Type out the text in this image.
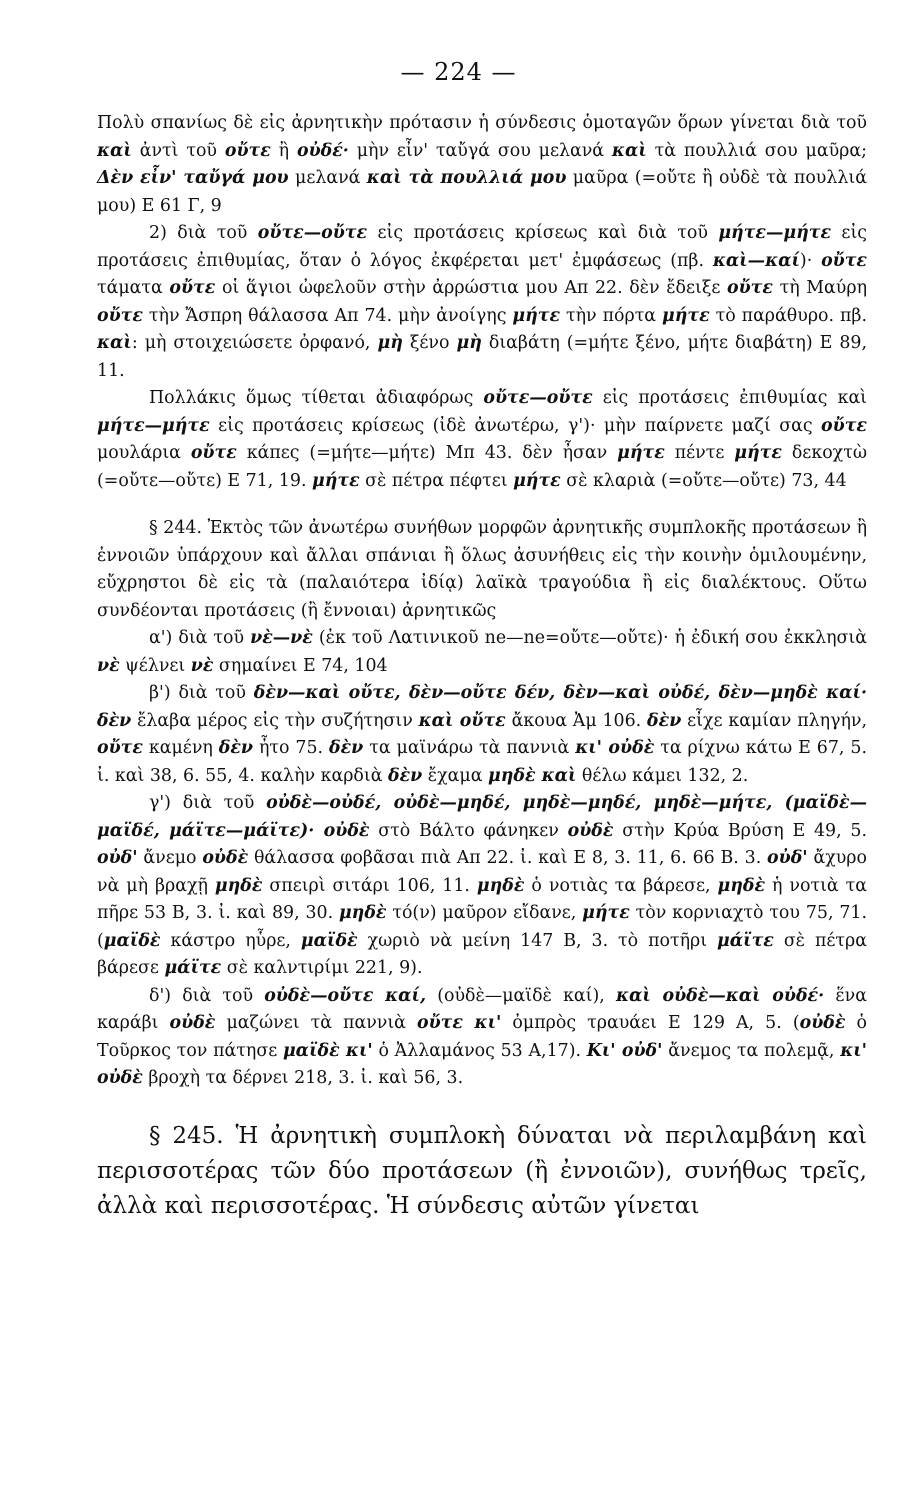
— 224 —

Πολὺ σπανίως δὲ εἰς ἀρνητικὴν πρότασιν ἡ σύνδεσις ὁμοταγῶν ὅρων γίνεται διὰ τοῦ καὶ ἀντὶ τοῦ οὔτε ἢ οὐδέ· μὴν εἶν' ταὔγά σου μελανά καὶ τὰ πουλλιά σου μαῦρα; Δὲν εἶν' ταὔγά μου μελανά καὶ τὰ πουλλιά μου μαῦρα (=οὔτε ἢ οὐδὲ τὰ πουλλιά μου) Ε 61 Γ, 9

2) διὰ τοῦ οὔτε—οὔτε εἰς προτάσεις κρίσεως καὶ διὰ τοῦ μήτε—μήτε εἰς προτάσεις ἐπιθυμίας, ὅταν ὁ λόγος ἐκφέρεται μετ' ἐμφάσεως (πβ. καὶ—καί)· οὔτε τάματα οὔτε οἱ ἅγιοι ὠφελοῦν στὴν ἀρρώστια μου Απ 22. δὲν ἔδειξε οὔτε τὴ Μαύρη οὔτε τὴν Ἄσπρη θάλασσα Απ 74. μὴν ἀνοίγης μήτε τὴν πόρτα μήτε τὸ παράθυρο. πβ. καὶ: μὴ στοιχειώσετε ὀρφανό, μὴ ξένο μὴ διαβάτη (=μήτε ξένο, μήτε διαβάτη) Ε 89, 11.

Πολλάκις ὅμως τίθεται ἀδιαφόρως οὔτε—οὔτε εἰς προτάσεις ἐπιθυμίας καὶ μήτε—μήτε εἰς προτάσεις κρίσεως (ἰδὲ ἀνωτέρω, γ')· μὴν παίρνετε μαζί σας οὔτε μουλάρια οὔτε κάπες (=μήτε—μήτε) Μπ 43. δὲν ἦσαν μήτε πέντε μήτε δεκοχτὼ (=οὔτε—οὔτε) Ε 71, 19. μήτε σὲ πέτρα πέφτει μήτε σὲ κλαριὰ (=οὔτε—οὔτε) 73, 44

§ 244. Ἐκτὸς τῶν ἀνωτέρω συνήθων μορφῶν ἀρνητικῆς συμπλοκῆς προτάσεων ἢ ἐννοιῶν ὑπάρχουν καὶ ἄλλαι σπάνιαι ἢ ὅλως ἀσυνήθεις εἰς τὴν κοινὴν ὁμιλουμένην, εὔχρηστοι δὲ εἰς τὰ (παλαιότερα ἰδίᾳ) λαϊκὰ τραγούδια ἢ εἰς διαλέκτους. Οὕτω συνδέονται προτάσεις (ἢ ἔννοιαι) ἀρνητικῶς

α') διὰ τοῦ νὲ—νὲ (ἐκ τοῦ Λατινικοῦ ne—ne=οὔτε—οὔτε)· ἡ ἐδική σου ἐκκλησιὰ νὲ ψέλνει νὲ σημαίνει Ε 74, 104

β') διὰ τοῦ δὲν—καὶ οὔτε, δὲν—οὔτε δέν, δὲν—καὶ οὐδέ, δὲν—μηδὲ καί· δὲν ἔλαβα μέρος εἰς τὴν συζήτησιν καὶ οὔτε ἄκουα Ἀμ 106. δὲν εἶχε καμίαν πληγήν, οὔτε καμένη δὲν ἦτο 75. δὲν τα μαϊνάρω τὰ παννιὰ κι' οὐδὲ τα ρίχνω κάτω Ε 67, 5. ἰ. καὶ 38, 6. 55, 4. καλὴν καρδιὰ δὲν ἔχαμα μηδὲ καὶ θέλω κάμει 132, 2.

γ') διὰ τοῦ οὐδὲ—οὐδέ, οὐδὲ—μηδέ, μηδὲ—μηδέ, μηδὲ—μήτε, (μαϊδὲ—μαϊδέ, μάϊτε—μάϊτε)· οὐδὲ στὸ Βάλτο φάνηκεν οὐδὲ στὴν Κρύα Βρύση Ε 49, 5. οὐδ' ἄνεμο οὐδὲ θάλασσα φοβᾶσαι πιὰ Απ 22. ἰ. καὶ Ε 8, 3. 11, 6. 66 Β. 3. οὐδ' ἄχυρο νὰ μὴ βραχῇ μηδὲ σπειρὶ σιτάρι 106, 11. μηδὲ ὁ νοτιὰς τα βάρεσε, μηδὲ ἡ νοτιὰ τα πῆρε 53 Β, 3. ἰ. καὶ 89, 30. μηδὲ τό(ν) μαῦρον εἴδανε, μήτε τὸν κορνιαχτὸ του 75, 71. (μαϊδὲ κάστρο ηὗρε, μαϊδὲ χωριὸ νὰ μείνη 147 Β, 3. τὸ ποτῆρι μάϊτε σὲ πέτρα βάρεσε μάϊτε σὲ καλντιρίμι 221, 9).

δ') διὰ τοῦ οὐδὲ—οὔτε καί, (οὐδὲ—μαϊδὲ καί), καὶ οὐδὲ—καὶ οὐδέ· ἕνα καράβι οὐδὲ μαζώνει τὰ παννιὰ οὔτε κι' ὀμπρὸς τραυάει Ε 129 Α, 5. (οὐδὲ ὁ Τοῦρκος τον πάτησε μαϊδὲ κι' ὁ Ἀλλαμάνος 53 Α,17). Κι' οὐδ' ἄνεμος τα πολεμᾷ, κι' οὐδὲ βροχὴ τα δέρνει 218, 3. ἰ. καὶ 56, 3.

§ 245. Ἡ ἀρνητικὴ συμπλοκὴ δύναται νὰ περιλαμβάνη καὶ περισσοτέρας τῶν δύο προτάσεων (ἢ ἐννοιῶν), συνήθως τρεῖς, ἀλλὰ καὶ περισσοτέρας. Ἡ σύνδεσις αὐτῶν γίνεται
